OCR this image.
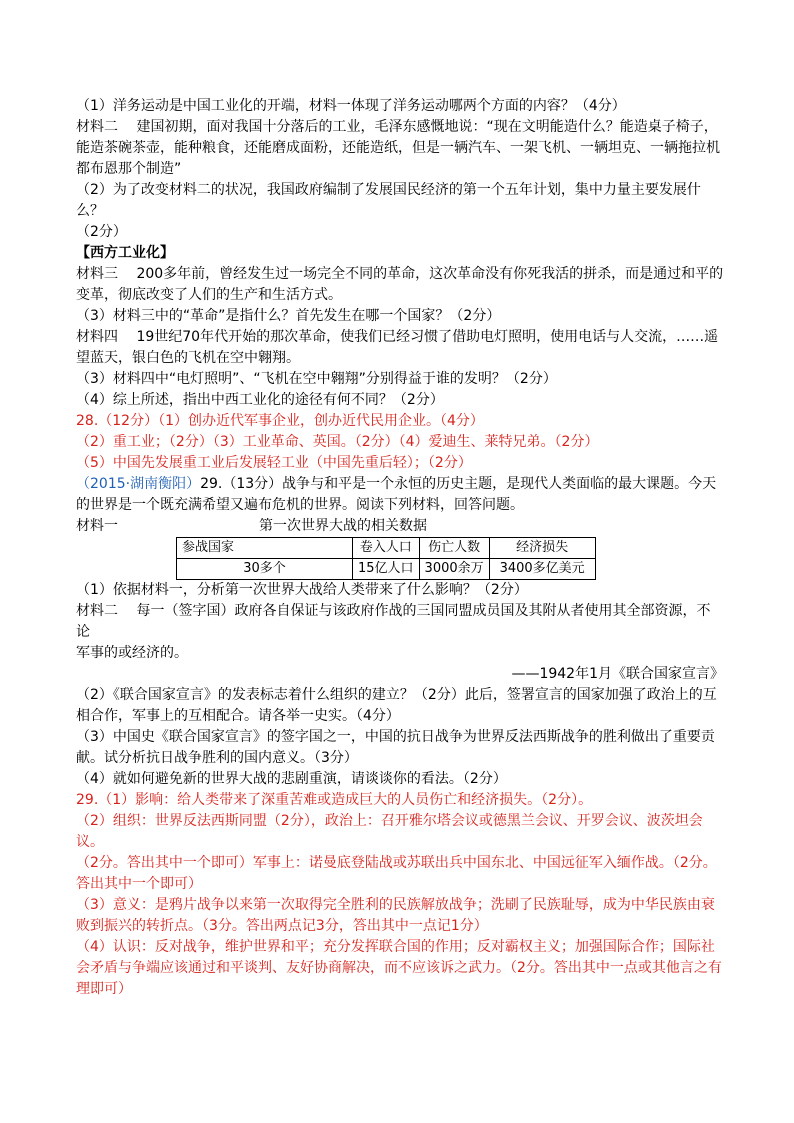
（1）洋务运动是中国工业化的开端，材料一体现了洋务运动哪两个方面的内容？（4分）

材料二　 建国初期，面对我国十分落后的工业，毛泽东感慨地说：“现在文明能造什么？能造桌子椅子，

能造茶碗茶壶，能种粮食，还能磨成面粉，还能造纸，但是一辆汽车、一架飞机、一辆坦克、一辆拖拉机

都布恩那个制造”

（2）为了改变材料二的状况，我国政府编制了发展国民经济的第一个五年计划，集中力量主要发展什么？

（2分）

【西方工业化】

材料三　 200多年前，曾经发生过一场完全不同的革命，这次革命没有你死我活的拼杀，而是通过和平的

变革，彻底改变了人们的生产和生活方式。

（3）材料三中的“革命”是指什么？首先发生在哪一个国家？（2分）

材料四　 19世纪70年代开始的那次革命，使我们已经习惯了借助电灯照明，使用电话与人交流，……遥

望蓝天，银白色的飞机在空中翱翔。

（3）材料四中“电灯照明”、“飞机在空中翱翔”分别得益于谁的发明？（2分）

（4）综上所述，指出中西工业化的途径有何不同？（2分）

28.（12分）（1）创办近代军事企业，创办近代民用企业。（4分）

（2）重工业；（2分）（3）工业革命、英国。（2分）（4）爱迪生、莱特兄弟。（2分）

（5）中国先发展重工业后发展轻工业（中国先重后轻）；（2分）

（2015·湖南衡阳）29.（13分）战争与和平是一个永恒的历史主题，是现代人类面临的最大课题。今天

的世界是一个既充满希望又遍布危机的世界。阅读下列材料，回答问题。

材料一	第一次世界大战的相关数据
参战国家	卷入人口	伤亡人数	经济损失
30多个	15亿人口	3000余万	3400多亿美元

（1）依据材料一，分析第一次世界大战给人类带来了什么影响？（2分）

材料二　 每一（签字国）政府各自保证与该政府作战的三国同盟成员国及其附从者使用其全部资源，不论

军事的或经济的。

——1942年1月《联合国家宣言》

（2）《联合国家宣言》的发表标志着什么组织的建立？（2分）此后，签署宣言的国家加强了政治上的互

相合作，军事上的互相配合。请各举一史实。（4分）

（3）中国史《联合国家宣言》的签字国之一，中国的抗日战争为世界反法西斯战争的胜利做出了重要贡

献。试分析抗日战争胜利的国内意义。（3分）

（4）就如何避免新的世界大战的悲剧重演，请谈谈你的看法。（2分）

29.（1）影响：给人类带来了深重苦难或造成巨大的人员伤亡和经济损失。（2分）。

（2）组织：世界反法西斯同盟（2分），政治上：召开雅尔塔会议或德黑兰会议、开罗会议、波茨坦会议。

（2分。答出其中一个即可）军事上：诺曼底登陆战或苏联出兵中国东北、中国远征军入缅作战。（2分。

答出其中一个即可）

（3）意义：是鸦片战争以来第一次取得完全胜利的民族解放战争；洗刷了民族耻辱，成为中华民族由衰

败到振兴的转折点。（3分。答出两点记3分，答出其中一点记1分）

（4）认识：反对战争，维护世界和平；充分发挥联合国的作用；反对霸权主义；加强国际合作；国际社

会矛盾与争端应该通过和平谈判、友好协商解决，而不应该诉之武力。（2分。答出其中一点或其他言之有

理即可）
